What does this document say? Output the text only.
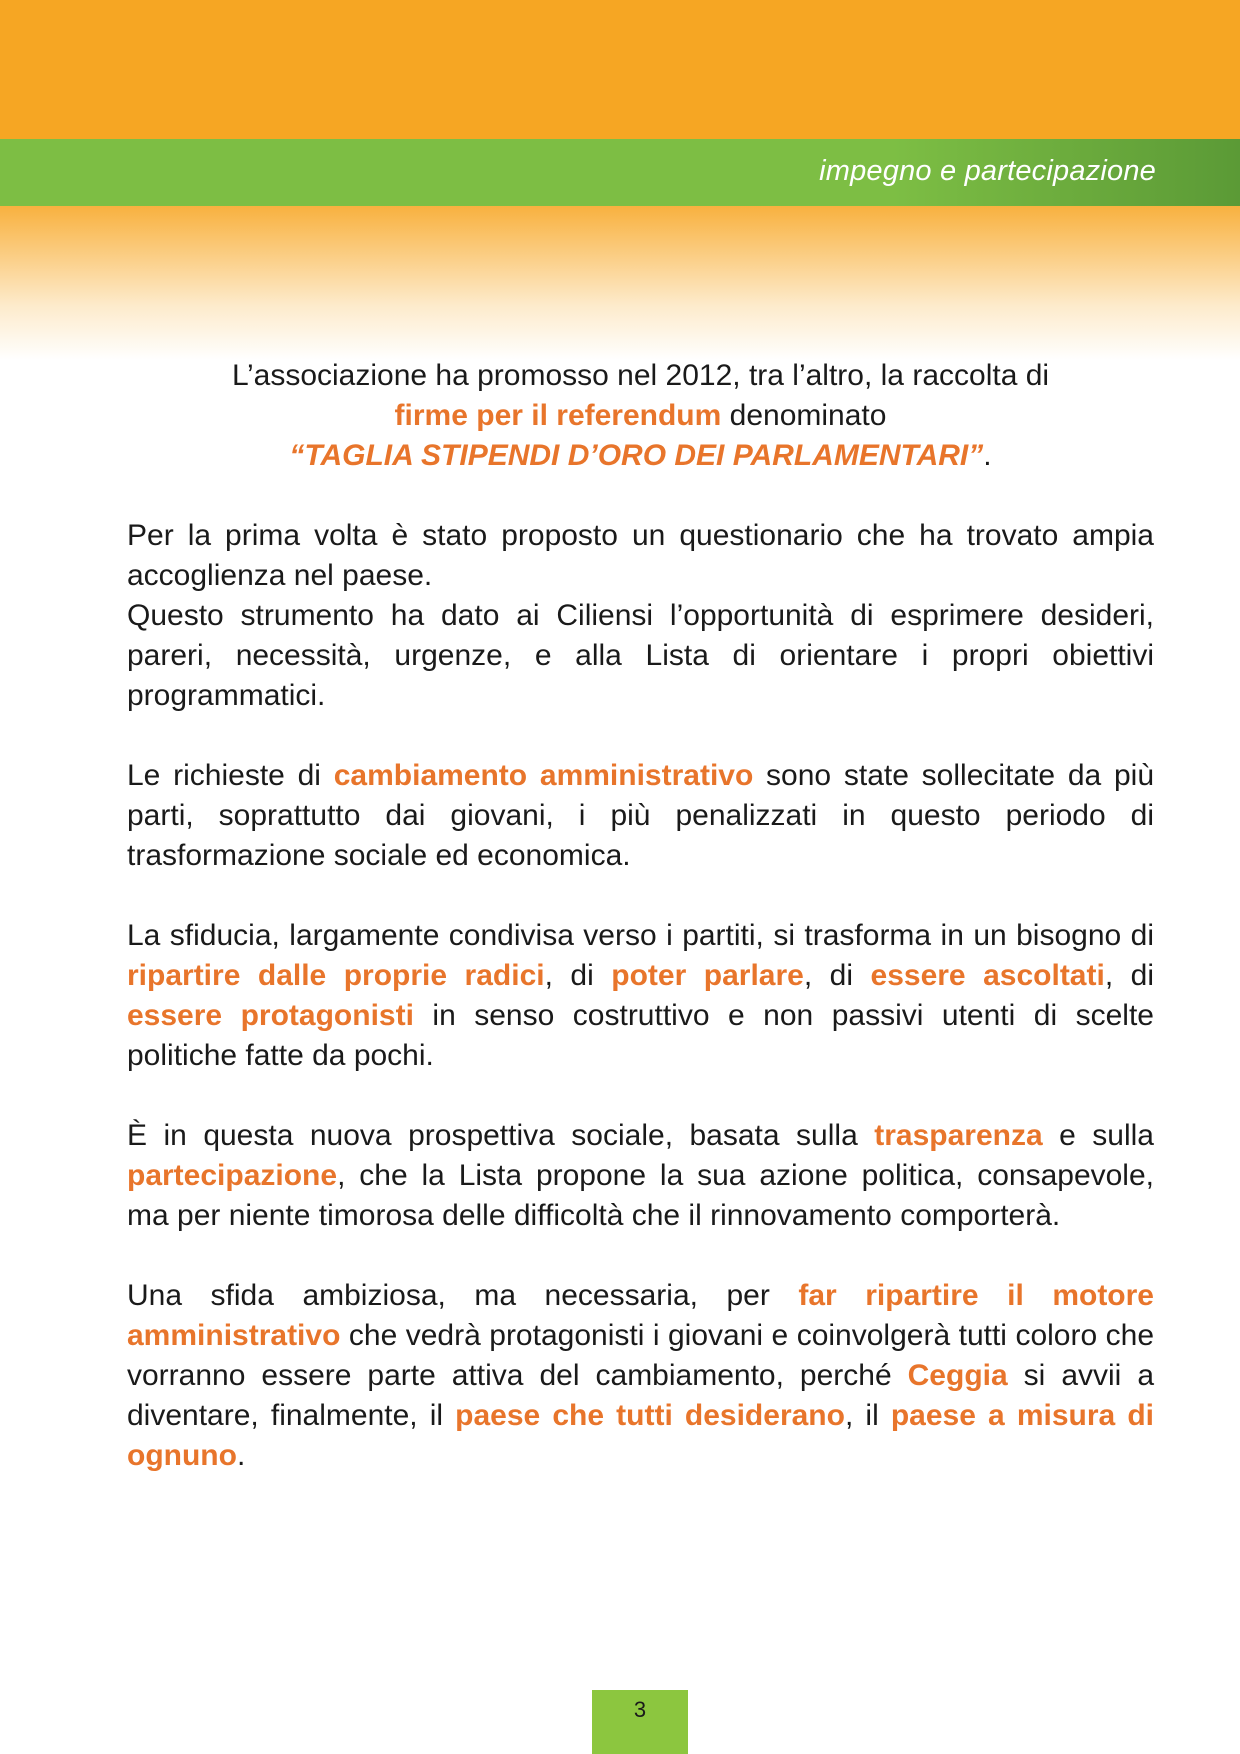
impegno e partecipazione
L’associazione ha promosso nel 2012, tra l’altro, la raccolta di
firme per il referendum denominato
“TAGLIA STIPENDI D’ORO DEI PARLAMENTARI”.

Per la prima volta è stato proposto un questionario che ha trovato ampia accoglienza nel paese.
Questo strumento ha dato ai Ciliensi l’opportunità di esprimere desideri, pareri, necessità, urgenze, e alla Lista di orientare i propri obiettivi programmatici.

Le richieste di cambiamento amministrativo sono state sollecitate da più parti, soprattutto dai giovani, i più penalizzati in questo periodo di trasformazione sociale ed economica.

La sfiducia, largamente condivisa verso i partiti, si trasforma in un bisogno di ripartire dalle proprie radici, di poter parlare, di essere ascoltati, di essere protagonisti in senso costruttivo e non passivi utenti di scelte politiche fatte da pochi.

È in questa nuova prospettiva sociale, basata sulla trasparenza e sulla partecipazione, che la Lista propone la sua azione politica, consapevole, ma per niente timorosa delle difficoltà che il rinnovamento comporterà.

Una sfida ambiziosa, ma necessaria, per far ripartire il motore amministrativo che vedrà protagonisti i giovani e coinvolgerà tutti coloro che vorranno essere parte attiva del cambiamento, perché Ceggia si avvii a diventare, finalmente, il paese che tutti desiderano, il paese a misura di ognuno.

3
